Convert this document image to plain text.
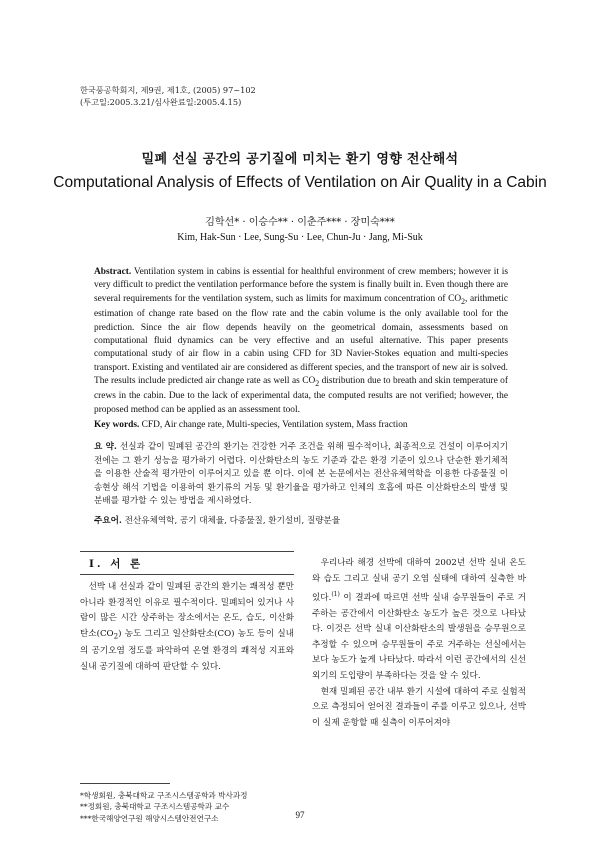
한국풍공학회지, 제9권, 제1호, (2005) 97~102
(투고일:2005.3.21/심사완료일:2005.4.15)
밀폐 선실 공간의 공기질에 미치는 환기 영향 전산해석
Computational Analysis of Effects of Ventilation on Air Quality in a Cabin
김학선* · 이승수** · 이춘주*** · 장미숙***
Kim, Hak-Sun · Lee, Sung-Su · Lee, Chun-Ju · Jang, Mi-Suk
Abstract. Ventilation system in cabins is essential for healthful environment of crew members; however it is very difficult to predict the ventilation performance before the system is finally built in. Even though there are several requirements for the ventilation system, such as limits for maximum concentration of $CO_2$, arithmetic estimation of change rate based on the flow rate and the cabin volume is the only available tool for the prediction. Since the air flow depends heavily on the geometrical domain, assessments based on computational fluid dynamics can be very effective and an useful alternative. This paper presents computational study of air flow in a cabin using CFD for 3D Navier-Stokes equation and multi-species transport. Existing and ventilated air are considered as different species, and the transport of new air is solved. The results include predicted air change rate as well as $CO_2$ distribution due to breath and skin temperature of crews in the cabin. Due to the lack of experimental data, the computed results are not verified; however, the proposed method can be applied as an assessment tool.
Key words. CFD, Air change rate, Multi-species, Ventilation system, Mass fraction
요 약. 선실과 같이 밀폐된 공간의 환기는 건강한 거주 조건을 위해 필수적이나, 최종적으로 건설이 이루어지기 전에는 그 환기 성능을 평가하기 어렵다. 이산화탄소의 농도 기준과 같은 환경 기준이 있으나 단순한 환기체적을 이용한 산술적 평가만이 이루어지고 있을 뿐 이다. 이에 본 논문에서는 전산유체역학을 이용한 다종물질 이송현상 해석 기법을 이용하여 환기류의 거동 및 환기율을 평가하고 인체의 호흡에 따른 이산화탄소의 발생 및 분배를 평가할 수 있는 방법을 제시하였다.
주요어. 전산유체역학, 공기 대체율, 다종물질, 환기설비, 질량분율
I. 서 론

선박 내 선실과 같이 밀폐된 공간의 환기는 쾌적성 뿐만아니라 환경적인 이유로 필수적이다. 밀폐되어 있거나 사람이 많은 시간 상주하는 장소에서는 온도, 습도, 이산화탄소$(CO_2)$ 농도 그리고 일산화탄소(CO) 농도 등이 실내의 공기오염 정도를 파악하여 온열 환경의 쾌적성 지표와 실내 공기질에 대하여 판단할 수 있다.

우리나라 해경 선박에 대하여 2002년 선박 실내 온도와 습도 그리고 실내 공기 오염 실태에 대하여 실측한 바 있다.$^{(1)}$ 이 결과에 따르면 선박 실내 승무원들이 주로 거주하는 공간에서 이산화탄소 농도가 높은 것으로 나타났다. 이것은 선박 실내 이산화탄소의 발생원을 승무원으로 추정할 수 있으며 승무원들이 주로 거주하는 선실에서는 보다 농도가 높게 나타났다. 따라서 이런 공간에서의 신선외기의 도입량이 부족하다는 것을 알 수 있다.

현재 밀폐된 공간 내부 환기 시설에 대하여 주로 실험적으로 측정되어 얻어진 결과들이 주를 이루고 있으나, 선박이 실제 운항할 때 실측이 이루어져야

*학생회원, 충북대학교 구조시스템공학과 박사과정
**정회원, 충북대학교 구조시스템공학과 교수
***한국해양연구원 해양시스템안전연구소	97
